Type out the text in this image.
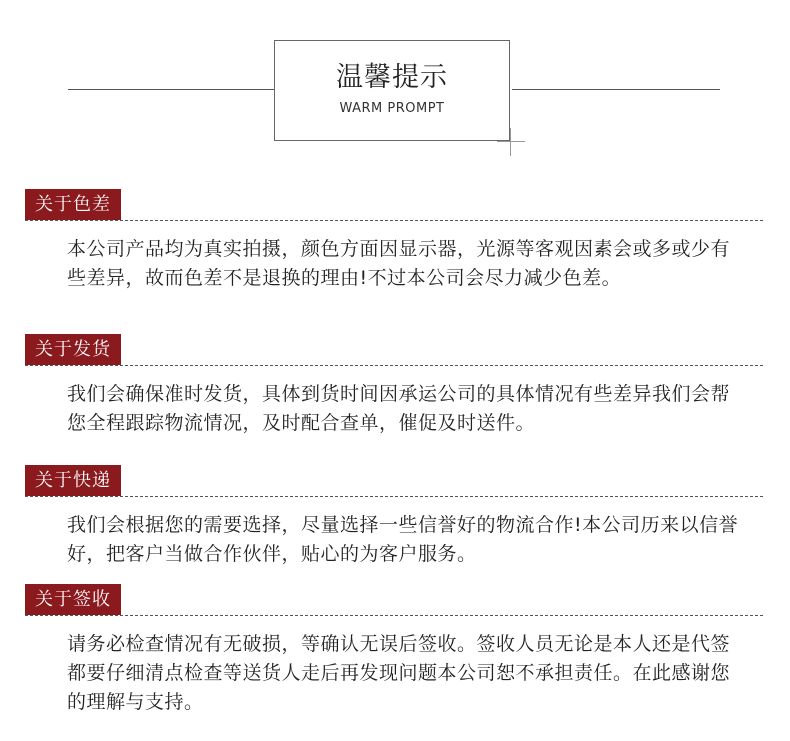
温馨提示
WARM PROMPT
关于色差
本公司产品均为真实拍摄，颜色方面因显示器，光源等客观因素会或多或少有些差异，故而色差不是退换的理由!不过本公司会尽力减少色差。
关于发货
我们会确保准时发货，具体到货时间因承运公司的具体情况有些差异我们会帮您全程跟踪物流情况，及时配合查单，催促及时送件。
关于快递
我们会根据您的需要选择，尽量选择一些信誉好的物流合作!本公司历来以信誉好，把客户当做合作伙伴，贴心的为客户服务。
关于签收
请务必检查情况有无破损，等确认无误后签收。签收人员无论是本人还是代签都要仔细清点检查等送货人走后再发现问题本公司恕不承担责任。在此感谢您的理解与支持。
